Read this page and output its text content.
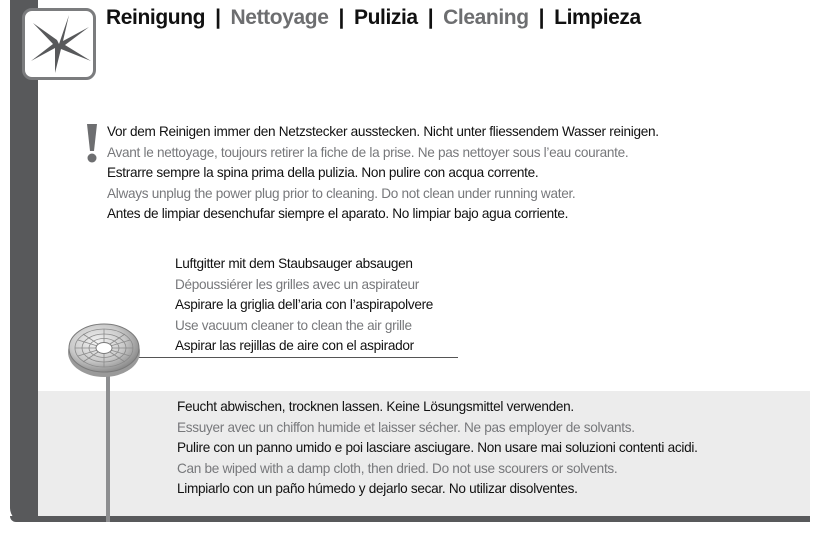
Reinigung | Nettoyage | Pulizia | Cleaning | Limpieza
Vor dem Reinigen immer den Netzstecker ausstecken. Nicht unter fliessendem Wasser reinigen.
Avant le nettoyage, toujours retirer la fiche de la prise. Ne pas nettoyer sous l’eau courante.
Estrarre sempre la spina prima della pulizia. Non pulire con acqua corrente.
Always unplug the power plug prior to cleaning. Do not clean under running water.
Antes de limpiar desenchufar siempre el aparato. No limpiar bajo agua corriente.
Luftgitter mit dem Staubsauger absaugen
Dépoussiérer les grilles avec un aspirateur
Aspirare la griglia dell’aria con l’aspirapolvere
Use vacuum cleaner to clean the air grille
Aspirar las rejillas de aire con el aspirador
Feucht abwischen, trocknen lassen. Keine Lösungsmittel verwenden.
Essuyer avec un chiffon humide et laisser sécher. Ne pas employer de solvants.
Pulire con un panno umido e poi lasciare asciugare. Non usare mai soluzioni contenti acidi.
Can be wiped with a damp cloth, then dried. Do not use scourers or solvents.
Limpiarlo con un paño húmedo y dejarlo secar. No utilizar disolventes.
